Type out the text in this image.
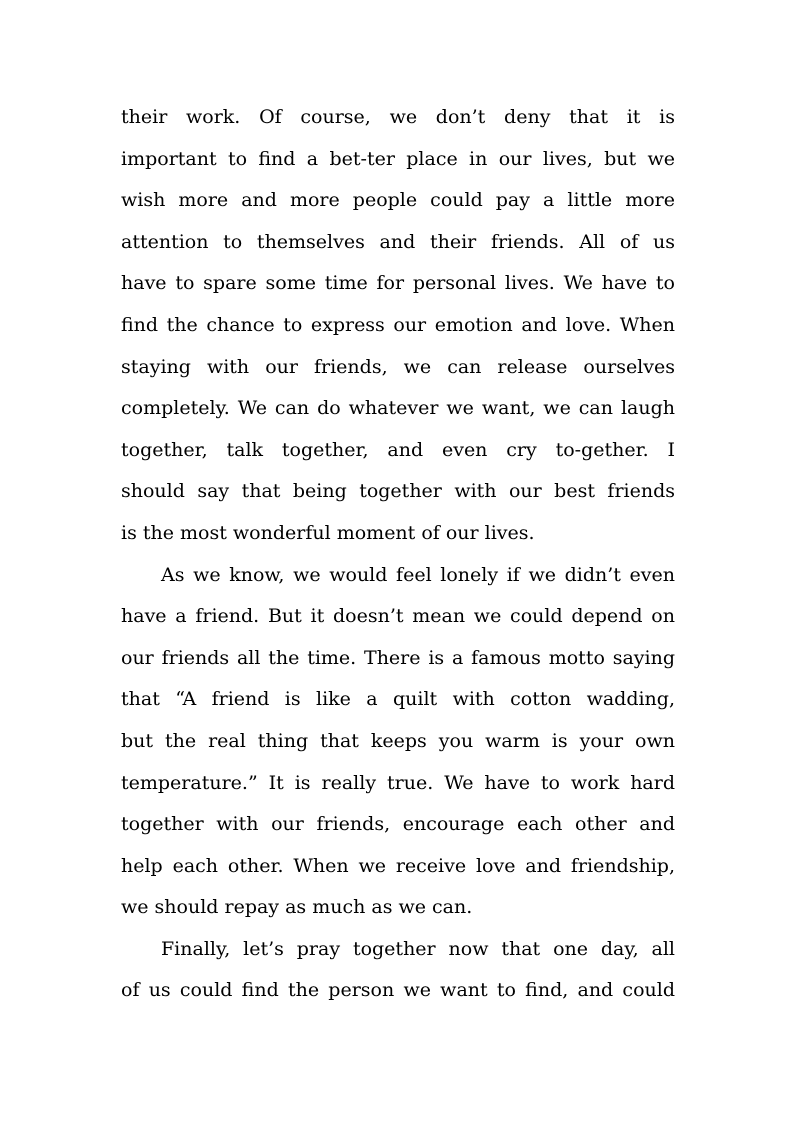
their work. Of course, we don’t deny that it is
important to find a bet-ter place in our lives, but we
wish more and more people could pay a little more
attention to themselves and their friends. All of us
have to spare some time for personal lives. We have to
find the chance to express our emotion and love. When
staying with our friends, we can release ourselves
completely. We can do whatever we want, we can laugh
together, talk together, and even cry to-gether. I
should say that being together with our best friends
is the most wonderful moment of our lives.
As we know, we would feel lonely if we didn’t even
have a friend. But it doesn’t mean we could depend on
our friends all the time. There is a famous motto saying
that “A friend is like a quilt with cotton wadding,
but the real thing that keeps you warm is your own
temperature.” It is really true. We have to work hard
together with our friends, encourage each other and
help each other. When we receive love and friendship,
we should repay as much as we can.
Finally, let’s pray together now that one day, all
of us could find the person we want to find, and could
